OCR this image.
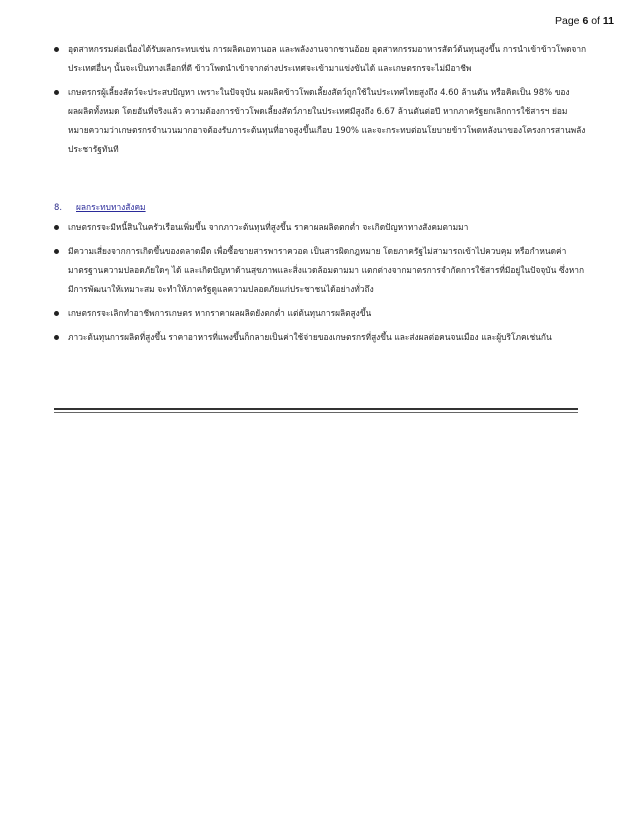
Page 6 of 11
อุตสาหกรรมต่อเนื่องได้รับผลกระทบเช่น การผลิตเอทานอล และพลังงานจากชานอ้อย อุตสาหกรรมอาหารสัตว์ต้นทุนสูงขึ้น การนำเข้าข้าวโพดจากประเทศอื่นๆ นั้นจะเป็นทางเลือกที่ดี ข้าวโพดนำเข้าจากต่างประเทศจะเข้ามาแข่งขันได้ และเกษตรกรจะไม่มีอาชีพ
เกษตรกรผู้เลี้ยงสัตว์จะประสบปัญหา เพราะในปัจจุบัน ผลผลิตข้าวโพดเลี้ยงสัตว์ถูกใช้ในประเทศไทยสูงถึง 4.60 ล้านตัน หรือคิดเป็น 98% ของผลผลิตทั้งหมด โดยอันที่จริงแล้ว ความต้องการข้าวโพดเลี้ยงสัตว์ภายในประเทศมีสูงถึง 6.67 ล้านตันต่อปี หากภาครัฐยกเลิกการใช้สารฯ ย่อมหมายความว่าเกษตรกรจำนวนมากอาจต้องรับภาระต้นทุนที่อาจสูงขึ้นเกือบ 190% และจะกระทบต่อนโยบายข้าวโพดหลังนาของโครงการสานพลังประชารัฐทันที
8. ผลกระทบทางสังคม
เกษตรกรจะมีหนี้สินในครัวเรือนเพิ่มขึ้น จากภาวะต้นทุนที่สูงขึ้น ราคาผลผลิตตกต่ำ จะเกิดปัญหาทางสังคมตามมา
มีความเสี่ยงจากการเกิดขึ้นของตลาดมืด เพื่อซื้อขายสารพาราควอต เป็นสารผิดกฎหมาย โดยภาครัฐไม่สามารถเข้าไปควบคุม หรือกำหนดค่ามาตรฐานความปลอดภัยใดๆ ได้ และเกิดปัญหาด้านสุขภาพและสิ่งแวดล้อมตามมา แตกต่างจากมาตรการจำกัดการใช้สารที่มีอยู่ในปัจจุบัน ซึ่งหากมีการพัฒนาให้เหมาะสม จะทำให้ภาครัฐดูแลความปลอดภัยแก่ประชาชนได้อย่างทั่วถึง
เกษตรกรจะเลิกทำอาชีพการเกษตร หากราคาผลผลิตยังตกต่ำ แต่ต้นทุนการผลิตสูงขึ้น
ภาวะต้นทุนการผลิตที่สูงขึ้น ราคาอาหารที่แพงขึ้นก็กลายเป็นค่าใช้จ่ายของเกษตรกรที่สูงขึ้น และส่งผลต่อคนจนเมือง และผู้บริโภคเช่นกัน
